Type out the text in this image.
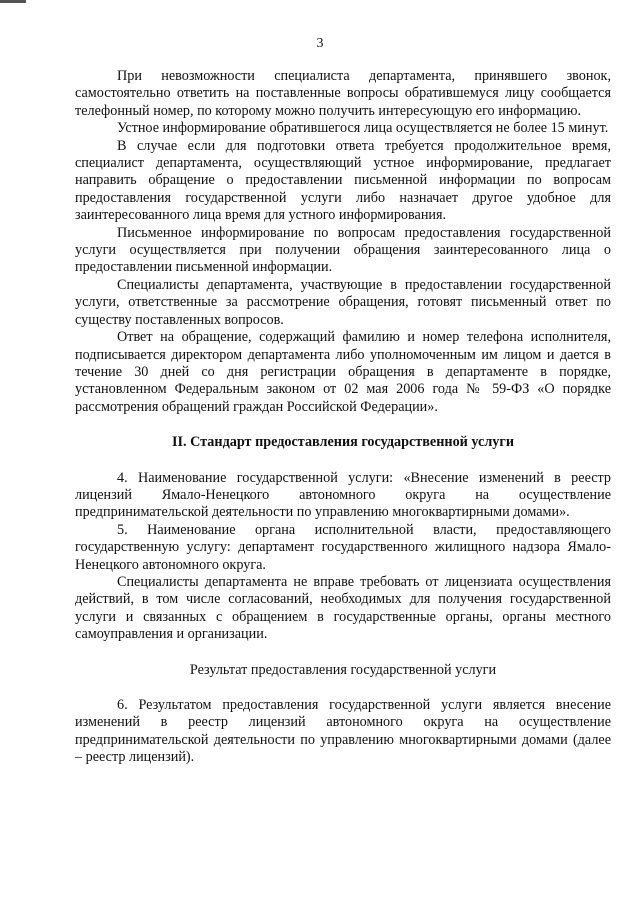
3

При невозможности специалиста департамента, принявшего звонок, самостоятельно ответить на поставленные вопросы обратившемуся лицу сообщается телефонный номер, по которому можно получить интересующую его информацию.

Устное информирование обратившегося лица осуществляется не более 15 минут.

В случае если для подготовки ответа требуется продолжительное время, специалист департамента, осуществляющий устное информирование, предлагает направить обращение о предоставлении письменной информации по вопросам предоставления государственной услуги либо назначает другое удобное для заинтересованного лица время для устного информирования.

Письменное информирование по вопросам предоставления государственной услуги осуществляется при получении обращения заинтересованного лица о предоставлении письменной информации.

Специалисты департамента, участвующие в предоставлении государственной услуги, ответственные за рассмотрение обращения, готовят письменный ответ по существу поставленных вопросов.

Ответ на обращение, содержащий фамилию и номер телефона исполнителя, подписывается директором департамента либо уполномоченным им лицом и дается в течение 30 дней со дня регистрации обращения в департаменте в порядке, установленном Федеральным законом от 02 мая 2006 года № 59-ФЗ «О порядке рассмотрения обращений граждан Российской Федерации».

II. Стандарт предоставления государственной услуги

4. Наименование государственной услуги: «Внесение изменений в реестр лицензий Ямало-Ненецкого автономного округа на осуществление предпринимательской деятельности по управлению многоквартирными домами».

5. Наименование органа исполнительной власти, предоставляющего государственную услугу: департамент государственного жилищного надзора Ямало-Ненецкого автономного округа.

Специалисты департамента не вправе требовать от лицензиата осуществления действий, в том числе согласований, необходимых для получения государственной услуги и связанных с обращением в государственные органы, органы местного самоуправления и организации.

Результат предоставления государственной услуги

6. Результатом предоставления государственной услуги является внесение изменений в реестр лицензий автономного округа на осуществление предпринимательской деятельности по управлению многоквартирными домами (далее – реестр лицензий).
